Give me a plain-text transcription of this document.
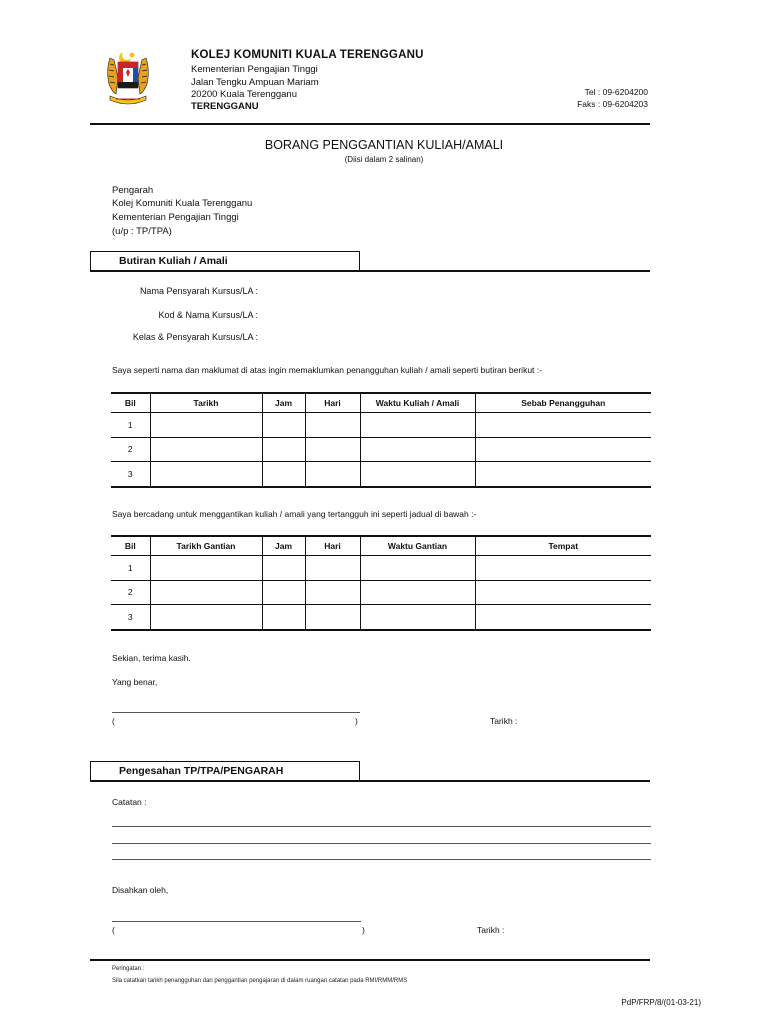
KOLEJ KOMUNITI KUALA TERENGGANU
Kementerian Pengajian Tinggi
Jalan Tengku Ampuan Mariam
20200 Kuala Terengganu
TERENGGANU
Tel : 09-6204200
Faks : 09-6204203
BORANG PENGGANTIAN KULIAH/AMALI
(Diisi dalam 2 salinan)
Pengarah
Kolej Komuniti Kuala Terengganu
Kementerian Pengajian Tinggi
(u/p : TP/TPA)
Butiran Kuliah / Amali
Nama Pensyarah Kursus/LA :
Kod & Nama Kursus/LA :
Kelas & Pensyarah Kursus/LA :
Saya seperti nama dan maklumat di atas ingin memaklumkan penangguhan kuliah / amali seperti butiran berikut :-
Bil	Tarikh	Jam	Hari	Waktu Kuliah / Amali	Sebab Penangguhan
1					
2					
3					
Saya bercadang untuk menggantikan kuliah / amali yang tertangguh ini seperti jadual di bawah :-
Bil	Tarikh Gantian	Jam	Hari	Waktu Gantian	Tempat
1					
2					
3					
Sekian, terima kasih.
Yang benar,
(	)	Tarikh :
Pengesahan TP/TPA/PENGARAH
Catatan :
Disahkan oleh,
(	)	Tarikh :
Peringatan :
Sila catatkan tarikh penangguhan dan penggantian pengajaran di dalam ruangan catatan pada RMI/RMM/RMS
PdP/FRP/8/(01-03-21)
